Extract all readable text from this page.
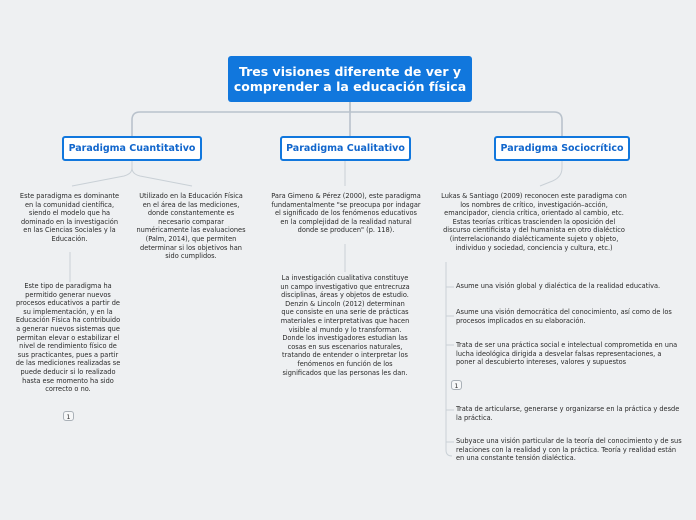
Tres visiones diferente de ver y comprender a la educación física
Paradigma Cuantitativo	Paradigma Cualitativo	Paradigma Sociocrítico

Este paradigma es dominante en la comunidad científica, siendo el modelo que ha dominado en la investigación en las Ciencias Sociales y la Educación.

Utilizado en la Educación Física en el área de las mediciones, donde constantemente es necesario comparar numéricamente las evaluaciones (Palm, 2014), que permiten determinar si los objetivos han sido cumplidos.

Este tipo de paradigma ha permitido generar nuevos procesos educativos a partir de su implementación, y en la Educación Física ha contribuido a generar nuevos sistemas que permitan elevar o estabilizar el nivel de rendimiento físico de sus practicantes, pues a partir de las mediciones realizadas se puede deducir si lo realizado hasta ese momento ha sido correcto o no.

1

Para Gimeno & Pérez (2000), este paradigma fundamentalmente "se preocupa por indagar el significado de los fenómenos educativos en la complejidad de la realidad natural donde se producen" (p. 118).

La investigación cualitativa constituye un campo investigativo que entrecruza disciplinas, áreas y objetos de estudio. Denzin & Lincoln (2012) determinan que consiste en una serie de prácticas materiales e interpretativas que hacen visible al mundo y lo transforman. Donde los investigadores estudian las cosas en sus escenarios naturales, tratando de entender o interpretar los fenómenos en función de los significados que las personas les dan.

Lukas & Santiago (2009) reconocen este paradigma con los nombres de crítico, investigación–acción, emancipador, ciencia crítica, orientado al cambio, etc. Estas teorías críticas trascienden la oposición del discurso cientificista y del humanista en otro dialéctico (interrelacionando dialécticamente sujeto y objeto, individuo y sociedad, conciencia y cultura, etc.)

Asume una visión global y dialéctica de la realidad educativa.

Asume una visión democrática del conocimiento, así como de los procesos implicados en su elaboración.

Trata de ser una práctica social e intelectual comprometida en una lucha ideológica dirigida a desvelar falsas representaciones, a poner al descubierto intereses, valores y supuestos

1

Trata de articularse, generarse y organizarse en la práctica y desde la práctica.

Subyace una visión particular de la teoría del conocimiento y de sus relaciones con la realidad y con la práctica. Teoría y realidad están en una constante tensión dialéctica.
